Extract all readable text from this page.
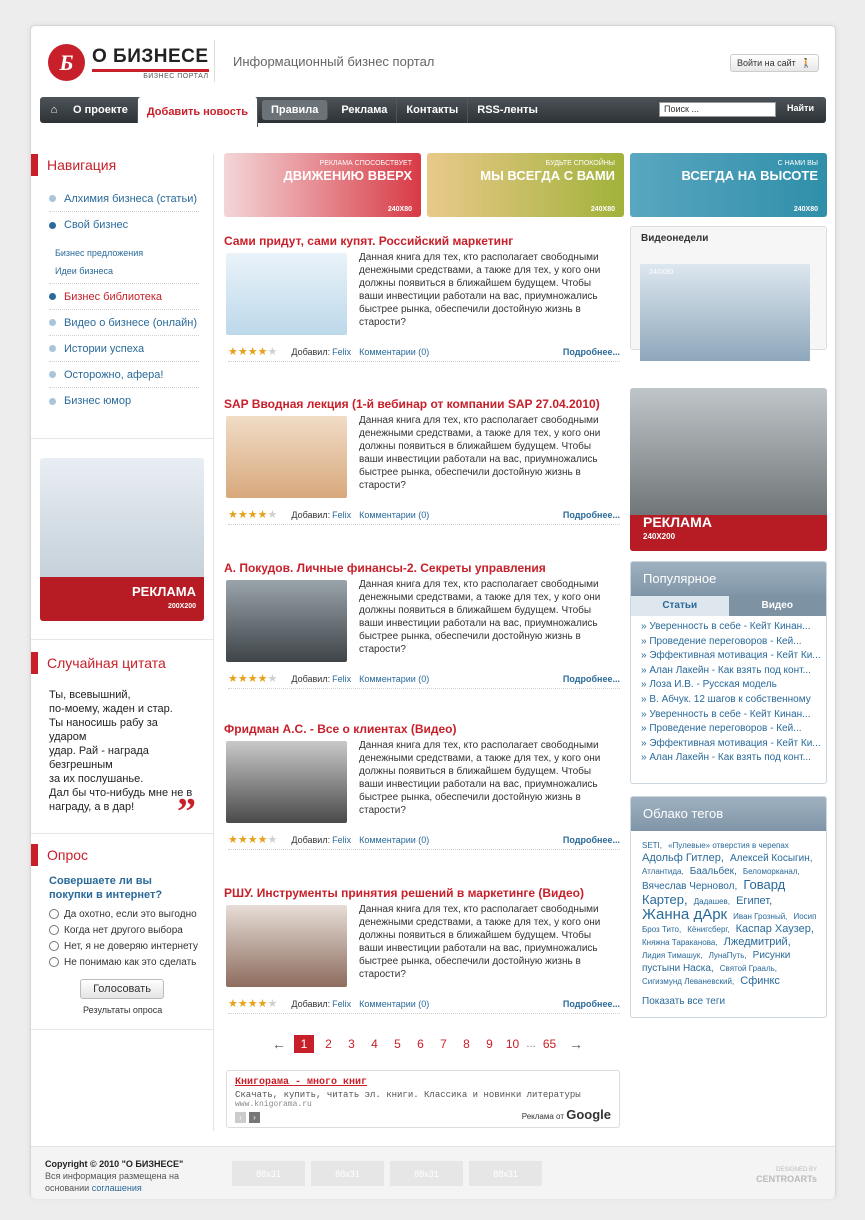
Б О БИЗНЕСЕ
БИЗНЕС ПОРТАЛ
Информационный бизнес портал	Войти на сайт 🚶
⌂	О проекте	Добавить новость	Правила	Реклама	Контакты	RSS-ленты	Поиск ...	Найти
Навигация
Алхимия бизнеса (статьи)
Свой бизнес
Бизнес предложения
Идеи бизнеса
Бизнес библиотека
Видео о бизнесе (онлайн)
Истории успеха
Осторожно, афера!
Бизнес юмор
РЕКЛАМА
200X200
Случайная цитата
Ты, всевышний,
по-моему, жаден и стар.
Ты наносишь рабу за ударом
удар. Рай - награда безгрешным
за их послушанье.
Дал бы что-нибудь мне не в
награду, а в дар!	”
Опрос
Совершаете ли вы покупки в интернет?
Да охотно, если это выгодно
Когда нет другого выбора
Нет, я не доверяю интернету
Не понимаю как это сделать
Голосовать
Результаты опроса
РЕКЛАМА СПОСОБСТВУЕТ
ДВИЖЕНИЮ ВВЕРХ
240X80
БУДЬТЕ СПОКОЙНЫ
МЫ ВСЕГДА С ВАМИ
240X80
С НАМИ ВЫ
ВСЕГДА НА ВЫСОТЕ
240X80
Сами придут, сами купят. Российский маркетинг
Данная книга для тех, кто располагает свободными денежными средствами, а также для тех, у кого они должны появиться в ближайшем будущем. Чтобы ваши инвестиции работали на вас, приумножались быстрее рынка, обеспечили достойную жизнь в старости?
★★★★★ Добавил: Felix Комментарии (0)	Подробнее...
SAP Вводная лекция (1-й вебинар от компании SAP 27.04.2010)
Данная книга для тех, кто располагает свободными денежными средствами, а также для тех, у кого они должны появиться в ближайшем будущем. Чтобы ваши инвестиции работали на вас, приумножались быстрее рынка, обеспечили достойную жизнь в старости?
★★★★★ Добавил: Felix Комментарии (0)	Подробнее...
А. Покудов. Личные финансы-2. Секреты управления
Данная книга для тех, кто располагает свободными денежными средствами, а также для тех, у кого они должны появиться в ближайшем будущем. Чтобы ваши инвестиции работали на вас, приумножались быстрее рынка, обеспечили достойную жизнь в старости?
★★★★★ Добавил: Felix Комментарии (0)	Подробнее...
Фридман А.С. - Все о клиентах (Видео)
Данная книга для тех, кто располагает свободными денежными средствами, а также для тех, у кого они должны появиться в ближайшем будущем. Чтобы ваши инвестиции работали на вас, приумножались быстрее рынка, обеспечили достойную жизнь в старости?
★★★★★ Добавил: Felix Комментарии (0)	Подробнее...
РШУ. Инструменты принятия решений в маркетинге (Видео)
Данная книга для тех, кто располагает свободными денежными средствами, а также для тех, у кого они должны появиться в ближайшем будущем. Чтобы ваши инвестиции работали на вас, приумножались быстрее рынка, обеспечили достойную жизнь в старости?
★★★★★ Добавил: Felix Комментарии (0)	Подробнее...
←	1	2	3	4	5	6	7	8	9	10 ... 65 →
Книгорама - много книг
Скачать, купить, читать эл. книги. Классика и новинки литературы
www.knigorama.ru
‹	›	Реклама от Google
Видеонедели
240X80
РЕКЛАМА
240X200
Популярное
Статьи	Видео
» Уверенность в себе - Кейт Кинан...
» Проведение переговоров - Кей...
» Эффективная мотивация - Кейт Ки...
» Алан Лакейн - Как взять под конт...
» Лоза И.В. - Русская модель
» В. Абчук. 12 шагов к собственному
» Уверенность в себе - Кейт Кинан...
» Проведение переговоров - Кей...
» Эффективная мотивация - Кейт Ки...
» Алан Лакейн - Как взять под конт...
Облако тегов
SETI, «Пулевые» отверстия в черепах Адольф Гитлер, Алексей Косыгин, Атлантида, Баальбек, Беломорканал, Вячеслав Черновол, Говард Картер, Дадашев, Египет, Жанна дАрк Иван Грозный, Иосип Броз Тито, Кёнигсберг, Каспар Хаузер, Княжна Тараканова, Лжедмитрий, Лидия Тимашук, ЛунаПуть, Рисунки пустыни Наска, Святой Грааль, Сигизмунд Леваневский, Сфинкс
Показать все теги
Copyright © 2010 "О БИЗНЕСЕ"
Вся информация размещена на
основании соглашения
88x31	88x31	88x31	88x31	DESIGNED BY
CENTROARTs
